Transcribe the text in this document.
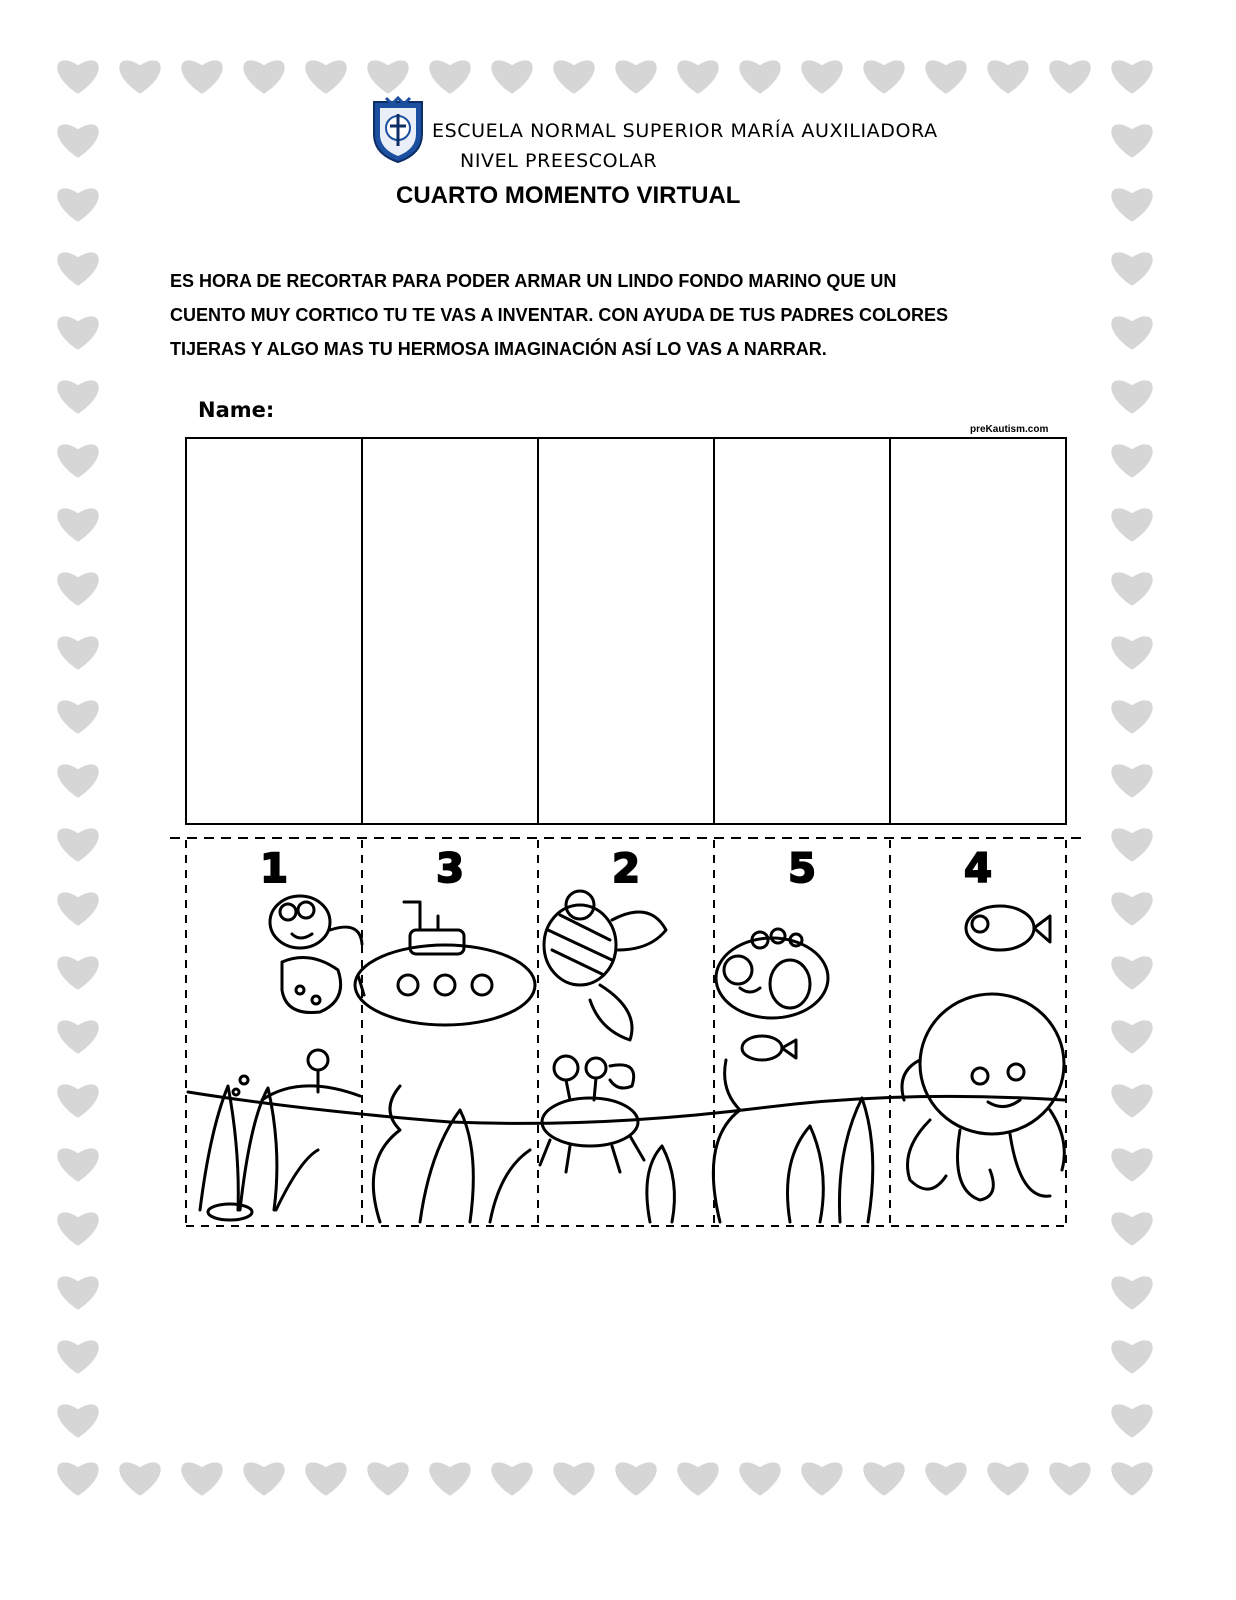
ESCUELA NORMAL SUPERIOR MARÍA AUXILIADORA
NIVEL PREESCOLAR
CUARTO MOMENTO VIRTUAL
ES HORA DE RECORTAR PARA PODER ARMAR UN LINDO FONDO MARINO QUE UN
CUENTO MUY CORTICO TU TE VAS A INVENTAR. CON AYUDA DE TUS PADRES COLORES
TIJERAS Y ALGO MAS TU HERMOSA IMAGINACIÓN ASÍ LO VAS A NARRAR.
Name:
preKautism.com
1	3	2	5	4
